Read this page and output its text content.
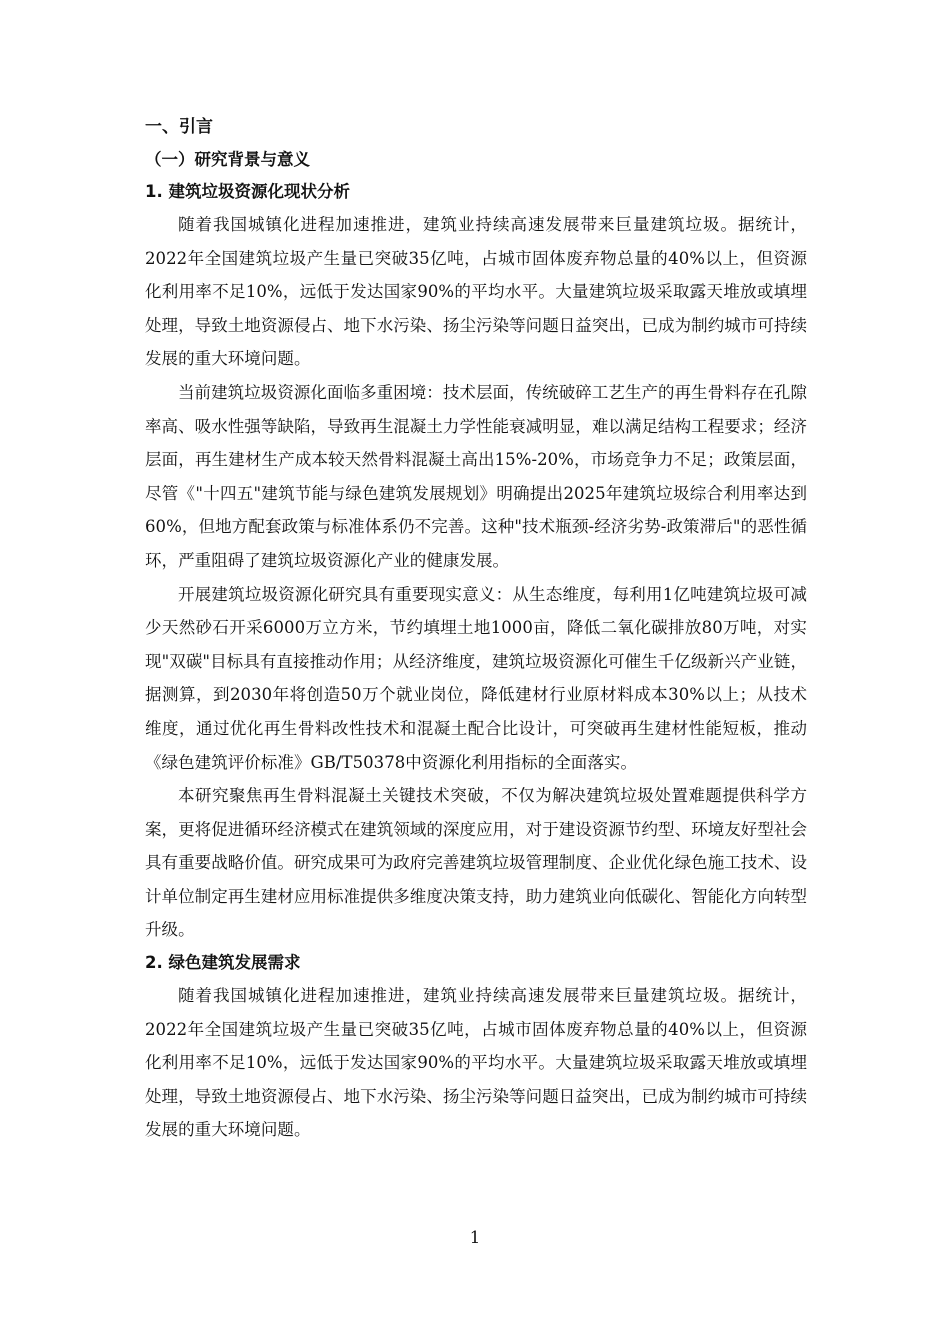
一、引言

（一）研究背景与意义

1. 建筑垃圾资源化现状分析

随着我国城镇化进程加速推进，建筑业持续高速发展带来巨量建筑垃圾。据统计，2022年全国建筑垃圾产生量已突破35亿吨，占城市固体废弃物总量的40%以上，但资源化利用率不足10%，远低于发达国家90%的平均水平。大量建筑垃圾采取露天堆放或填埋处理，导致土地资源侵占、地下水污染、扬尘污染等问题日益突出，已成为制约城市可持续发展的重大环境问题。

当前建筑垃圾资源化面临多重困境：技术层面，传统破碎工艺生产的再生骨料存在孔隙率高、吸水性强等缺陷，导致再生混凝土力学性能衰减明显，难以满足结构工程要求；经济层面，再生建材生产成本较天然骨料混凝土高出15%-20%，市场竞争力不足；政策层面，尽管《"十四五"建筑节能与绿色建筑发展规划》明确提出2025年建筑垃圾综合利用率达到60%，但地方配套政策与标准体系仍不完善。这种"技术瓶颈-经济劣势-政策滞后"的恶性循环，严重阻碍了建筑垃圾资源化产业的健康发展。

开展建筑垃圾资源化研究具有重要现实意义：从生态维度，每利用1亿吨建筑垃圾可减少天然砂石开采6000万立方米，节约填埋土地1000亩，降低二氧化碳排放80万吨，对实现"双碳"目标具有直接推动作用；从经济维度，建筑垃圾资源化可催生千亿级新兴产业链，据测算，到2030年将创造50万个就业岗位，降低建材行业原材料成本30%以上；从技术维度，通过优化再生骨料改性技术和混凝土配合比设计，可突破再生建材性能短板，推动《绿色建筑评价标准》GB/T50378中资源化利用指标的全面落实。

本研究聚焦再生骨料混凝土关键技术突破，不仅为解决建筑垃圾处置难题提供科学方案，更将促进循环经济模式在建筑领域的深度应用，对于建设资源节约型、环境友好型社会具有重要战略价值。研究成果可为政府完善建筑垃圾管理制度、企业优化绿色施工技术、设计单位制定再生建材应用标准提供多维度决策支持，助力建筑业向低碳化、智能化方向转型升级。

2. 绿色建筑发展需求

随着我国城镇化进程加速推进，建筑业持续高速发展带来巨量建筑垃圾。据统计，2022年全国建筑垃圾产生量已突破35亿吨，占城市固体废弃物总量的40%以上，但资源化利用率不足10%，远低于发达国家90%的平均水平。大量建筑垃圾采取露天堆放或填埋处理，导致土地资源侵占、地下水污染、扬尘污染等问题日益突出，已成为制约城市可持续发展的重大环境问题。

1
